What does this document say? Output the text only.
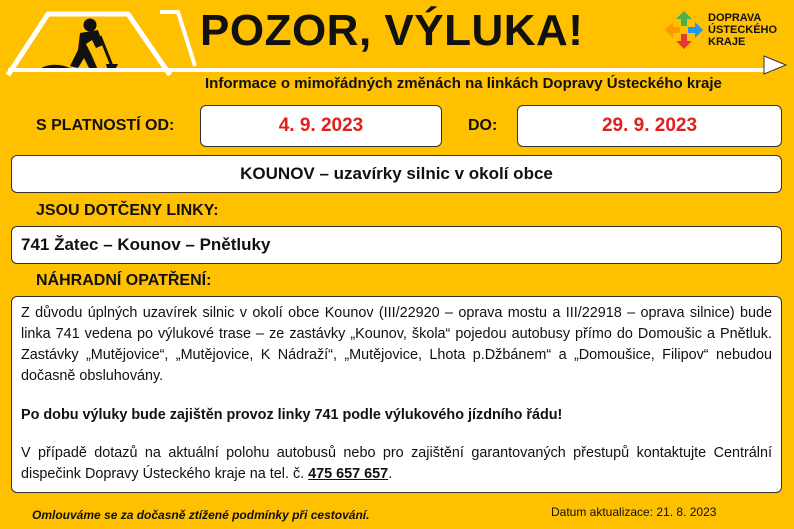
POZOR, VÝLUKA!
Informace o mimořádných změnách na linkách Dopravy Ústeckého kraje
DOPRAVA
ÚSTECKÉHO
KRAJE
S PLATNOSTÍ OD:	4. 9. 2023	DO:	29. 9. 2023
KOUNOV – uzavírky silnic v okolí obce
JSOU DOTČENY LINKY:
741 Žatec – Kounov – Pnětluky
NÁHRADNÍ OPATŘENÍ:

Z důvodu úplných uzavírek silnic v okolí obce Kounov (III/22920 – oprava mostu a III/22918 – oprava silnice) bude linka 741 vedena po výlukové trase – ze zastávky „Kounov, škola“ pojedou autobusy přímo do Domoušic a Pnětluk. Zastávky „Mutějovice“, „Mutějovice, K Nádraží“, „Mutějovice, Lhota p.Džbánem“ a „Domoušice, Filipov“ nebudou dočasně obsluhovány.

Po dobu výluky bude zajištěn provoz linky 741 podle výlukového jízdního řádu!

V případě dotazů na aktuální polohu autobusů nebo pro zajištění garantovaných přestupů kontaktujte Centrální dispečink Dopravy Ústeckého kraje na tel. č. 475 657 657.

Omlouváme se za dočasně ztížené podmínky při cestování.	Datum aktualizace: 21. 8. 2023
